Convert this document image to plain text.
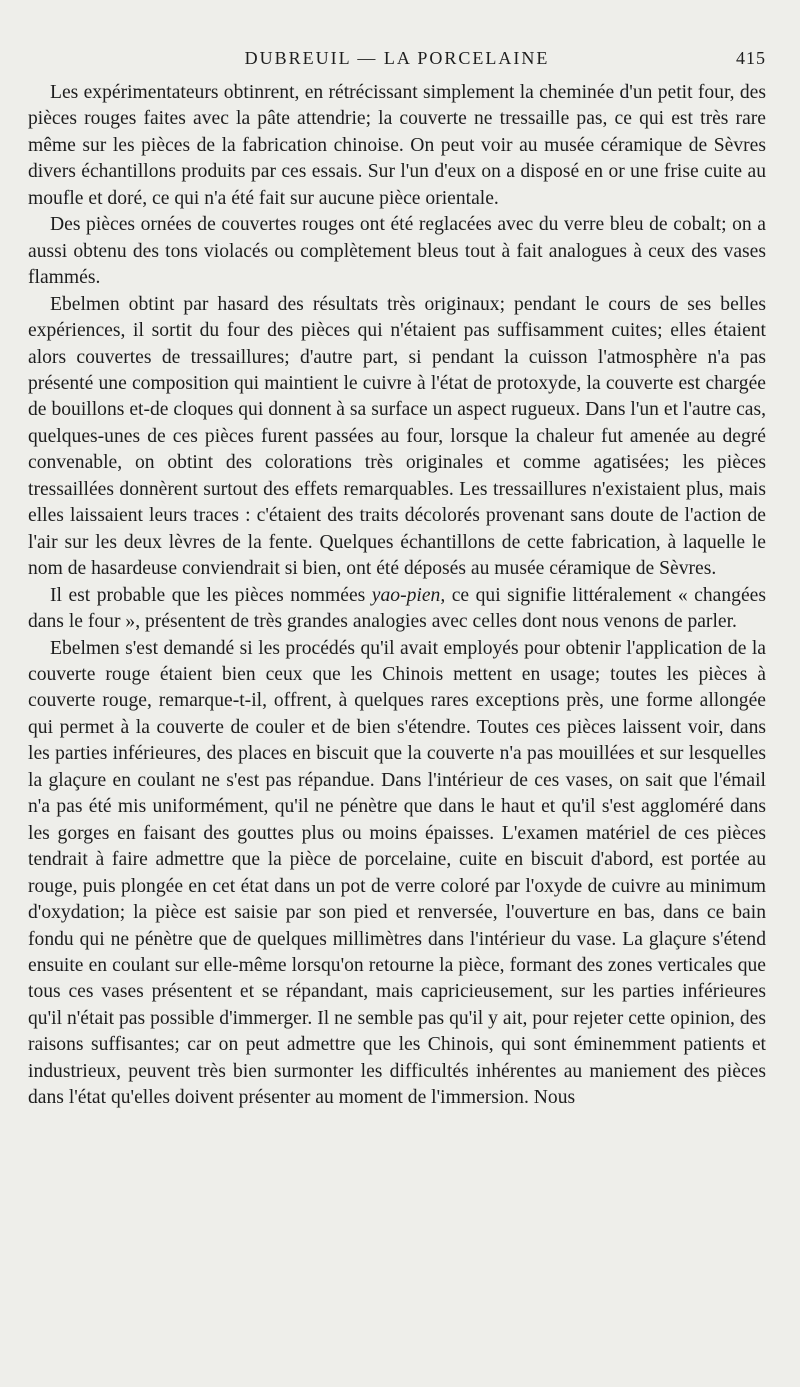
DUBREUIL — LA PORCELAINE	415

Les expérimentateurs obtinrent, en rétrécissant simplement la cheminée d'un petit four, des pièces rouges faites avec la pâte attendrie; la couverte ne tressaille pas, ce qui est très rare même sur les pièces de la fabrication chinoise. On peut voir au musée céramique de Sèvres divers échantillons produits par ces essais. Sur l'un d'eux on a disposé en or une frise cuite au moufle et doré, ce qui n'a été fait sur aucune pièce orientale.

Des pièces ornées de couvertes rouges ont été reglacées avec du verre bleu de cobalt; on a aussi obtenu des tons violacés ou complètement bleus tout à fait analogues à ceux des vases flammés.

Ebelmen obtint par hasard des résultats très originaux; pendant le cours de ses belles expériences, il sortit du four des pièces qui n'étaient pas suffisamment cuites; elles étaient alors couvertes de tressaillures; d'autre part, si pendant la cuisson l'atmosphère n'a pas présenté une composition qui maintient le cuivre à l'état de protoxyde, la couverte est chargée de bouillons et-de cloques qui donnent à sa surface un aspect rugueux. Dans l'un et l'autre cas, quelques-unes de ces pièces furent passées au four, lorsque la chaleur fut amenée au degré convenable, on obtint des colorations très originales et comme agatisées; les pièces tressaillées donnèrent surtout des effets remarquables. Les tressaillures n'existaient plus, mais elles laissaient leurs traces : c'étaient des traits décolorés provenant sans doute de l'action de l'air sur les deux lèvres de la fente. Quelques échantillons de cette fabrication, à laquelle le nom de hasardeuse conviendrait si bien, ont été déposés au musée céramique de Sèvres.

Il est probable que les pièces nommées yao-pien, ce qui signifie littéralement « changées dans le four », présentent de très grandes analogies avec celles dont nous venons de parler.

Ebelmen s'est demandé si les procédés qu'il avait employés pour obtenir l'application de la couverte rouge étaient bien ceux que les Chinois mettent en usage; toutes les pièces à couverte rouge, remarque-t-il, offrent, à quelques rares exceptions près, une forme allongée qui permet à la couverte de couler et de bien s'étendre. Toutes ces pièces laissent voir, dans les parties inférieures, des places en biscuit que la couverte n'a pas mouillées et sur lesquelles la glaçure en coulant ne s'est pas répandue. Dans l'intérieur de ces vases, on sait que l'émail n'a pas été mis uniformément, qu'il ne pénètre que dans le haut et qu'il s'est aggloméré dans les gorges en faisant des gouttes plus ou moins épaisses. L'examen matériel de ces pièces tendrait à faire admettre que la pièce de porcelaine, cuite en biscuit d'abord, est portée au rouge, puis plongée en cet état dans un pot de verre coloré par l'oxyde de cuivre au minimum d'oxydation; la pièce est saisie par son pied et renversée, l'ouverture en bas, dans ce bain fondu qui ne pénètre que de quelques millimètres dans l'intérieur du vase. La glaçure s'étend ensuite en coulant sur elle-même lorsqu'on retourne la pièce, formant des zones verticales que tous ces vases présentent et se répandant, mais capricieusement, sur les parties inférieures qu'il n'était pas possible d'immerger. Il ne semble pas qu'il y ait, pour rejeter cette opinion, des raisons suffisantes; car on peut admettre que les Chinois, qui sont éminemment patients et industrieux, peuvent très bien surmonter les difficultés inhérentes au maniement des pièces dans l'état qu'elles doivent présenter au moment de l'immersion. Nous
